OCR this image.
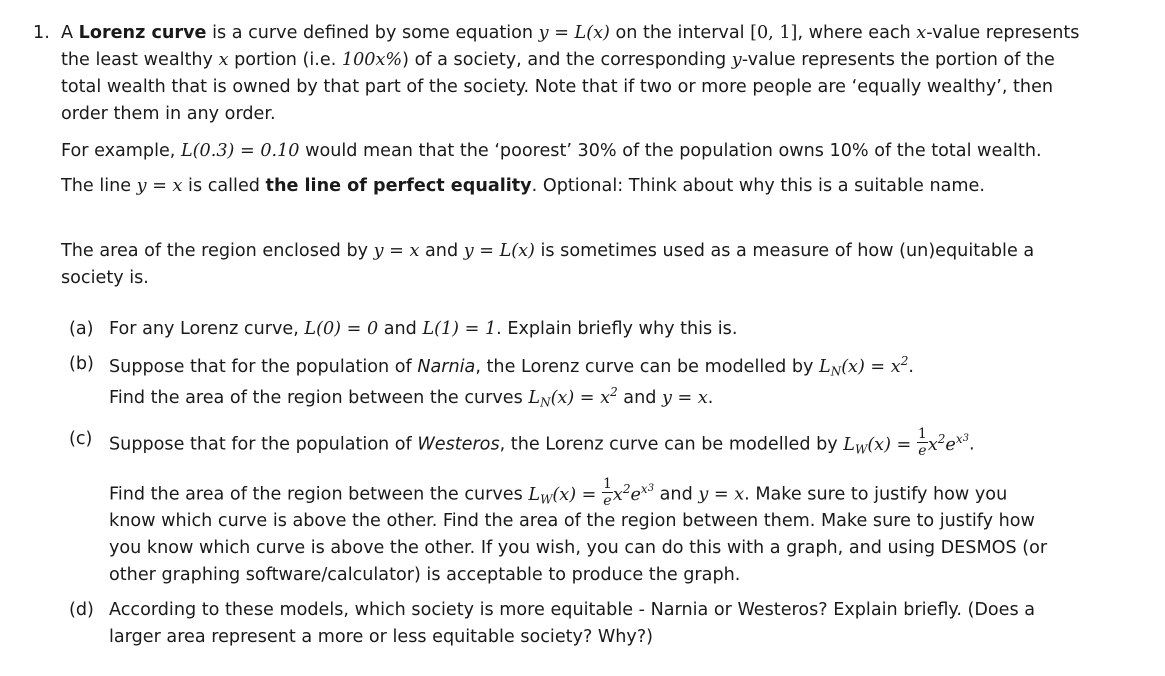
1. A Lorenz curve is a curve defined by some equation y = L(x) on the interval [0, 1], where each x-value represents
the least wealthy x portion (i.e. 100x%) of a society, and the corresponding y-value represents the portion of the
total wealth that is owned by that part of the society. Note that if two or more people are ‘equally wealthy’, then
order them in any order.
For example, L(0.3) = 0.10 would mean that the ‘poorest’ 30% of the population owns 10% of the total wealth.
The line y = x is called the line of perfect equality. Optional: Think about why this is a suitable name.
The area of the region enclosed by y = x and y = L(x) is sometimes used as a measure of how (un)equitable a
society is.
(a) For any Lorenz curve, L(0) = 0 and L(1) = 1. Explain briefly why this is.
(b) Suppose that for the population of Narnia, the Lorenz curve can be modelled by $L_N(x) = x^2$.
Find the area of the region between the curves $L_N(x) = x^2$ and y = x.
(c) Suppose that for the population of Westeros, the Lorenz curve can be modelled by $L_W(x) = \frac{1}{e} x^2e^{x3}$.
Find the area of the region between the curves $L_W(x) = \frac{1}{e} x^2e^{x3}$ and y = x. Make sure to justify how you
know which curve is above the other. Find the area of the region between them. Make sure to justify how
you know which curve is above the other. If you wish, you can do this with a graph, and using DESMOS (or
other graphing software/calculator) is acceptable to produce the graph.
(d) According to these models, which society is more equitable - Narnia or Westeros? Explain briefly. (Does a
larger area represent a more or less equitable society? Why?)
